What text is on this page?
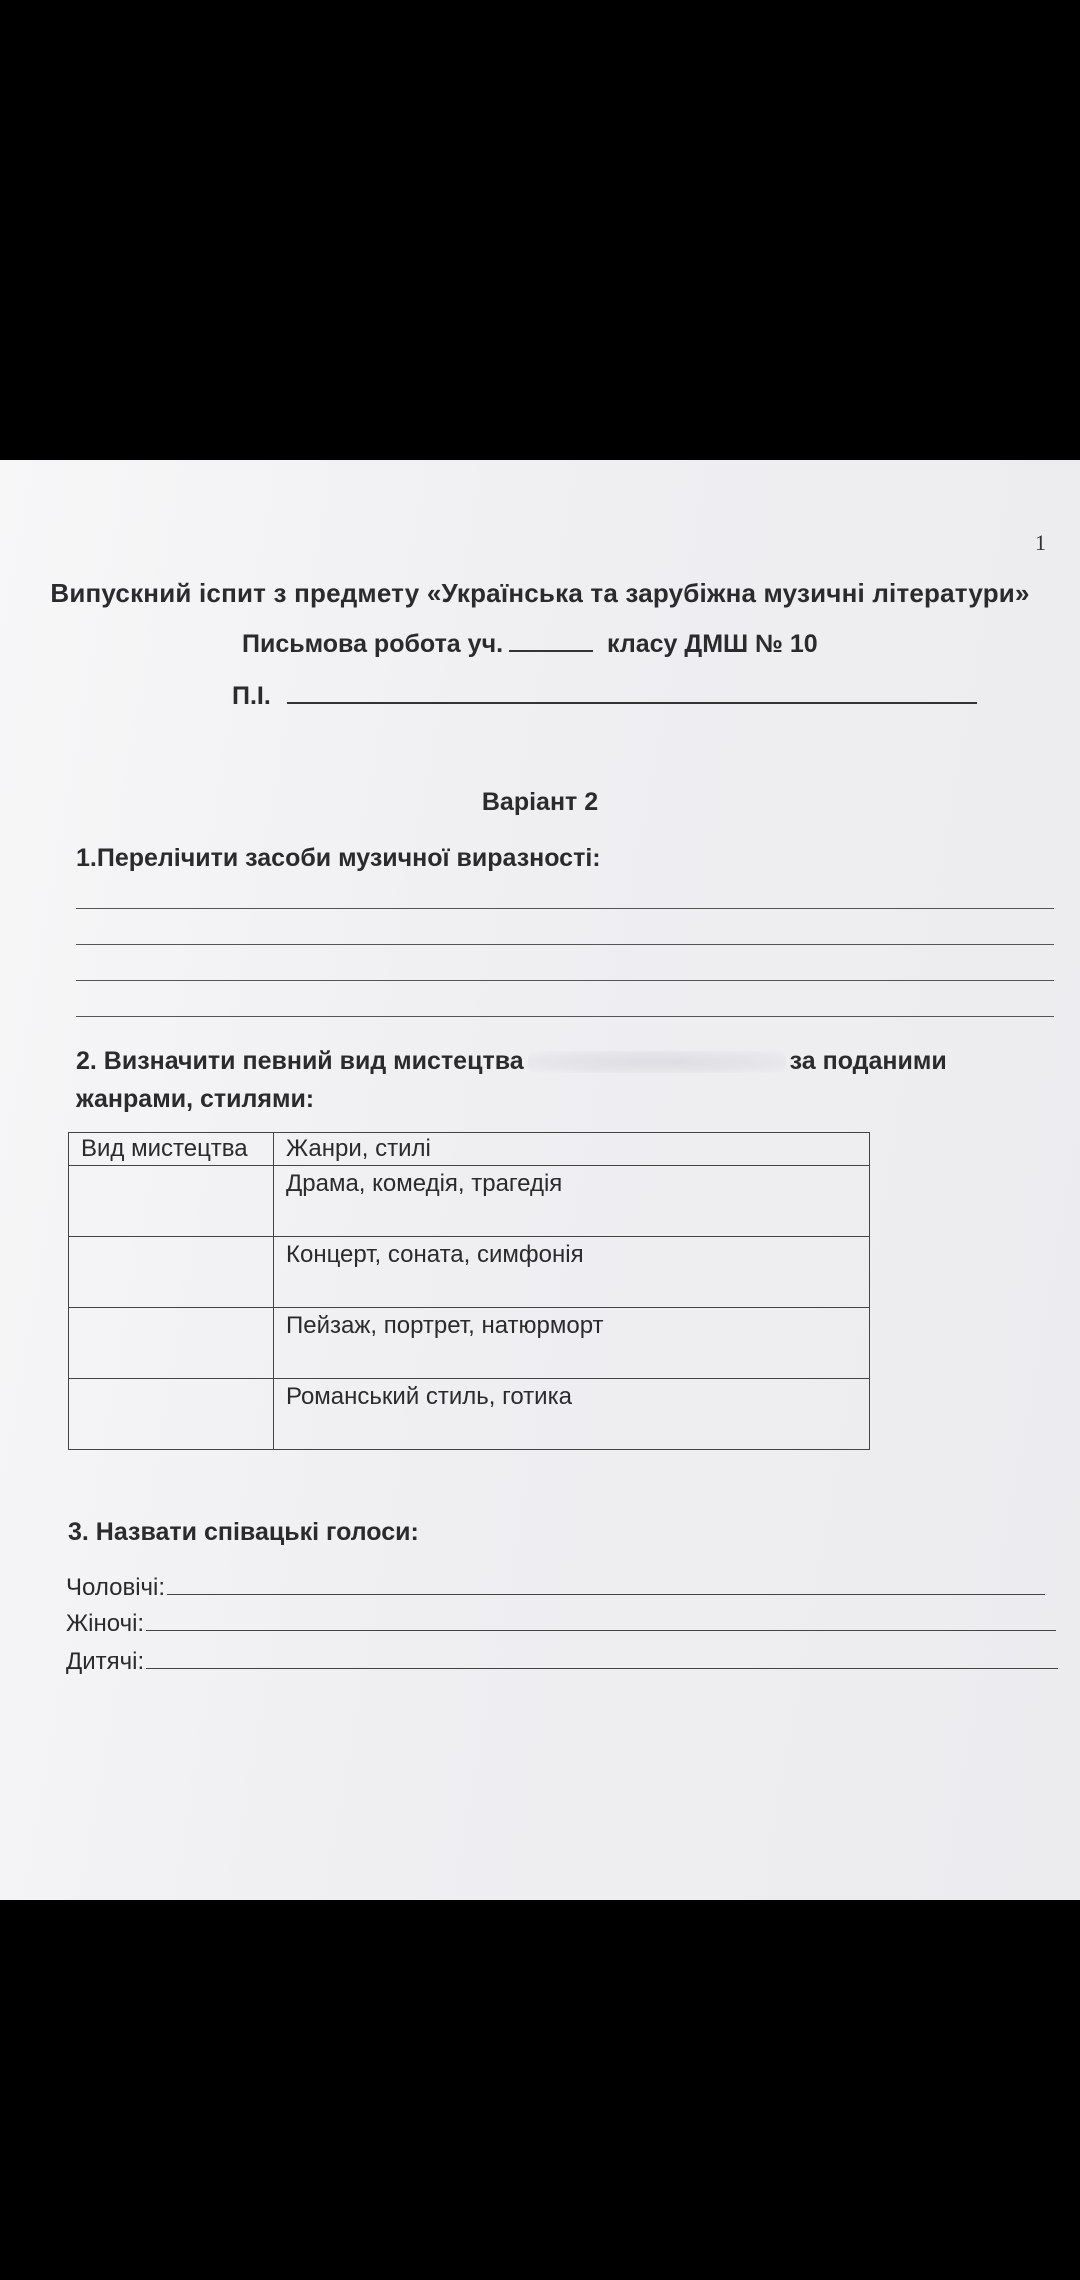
1
Випускний іспит з предмету «Українська та зарубіжна музичні літератури»
Письмова робота уч.	класу ДМШ № 10
П.І.
Варіант 2
1.Перелічити засоби музичної виразності:
2. Визначити певний вид мистецтва	за поданими жанрами, стилями:
Вид мистецтва	Жанри, стилі
	Драма, комедія, трагедія
	Концерт, соната, симфонія
	Пейзаж, портрет, натюрморт
	Романський стиль, готика
3. Назвати співацькі голоси:
Чоловічі:
Жіночі:
Дитячі:
